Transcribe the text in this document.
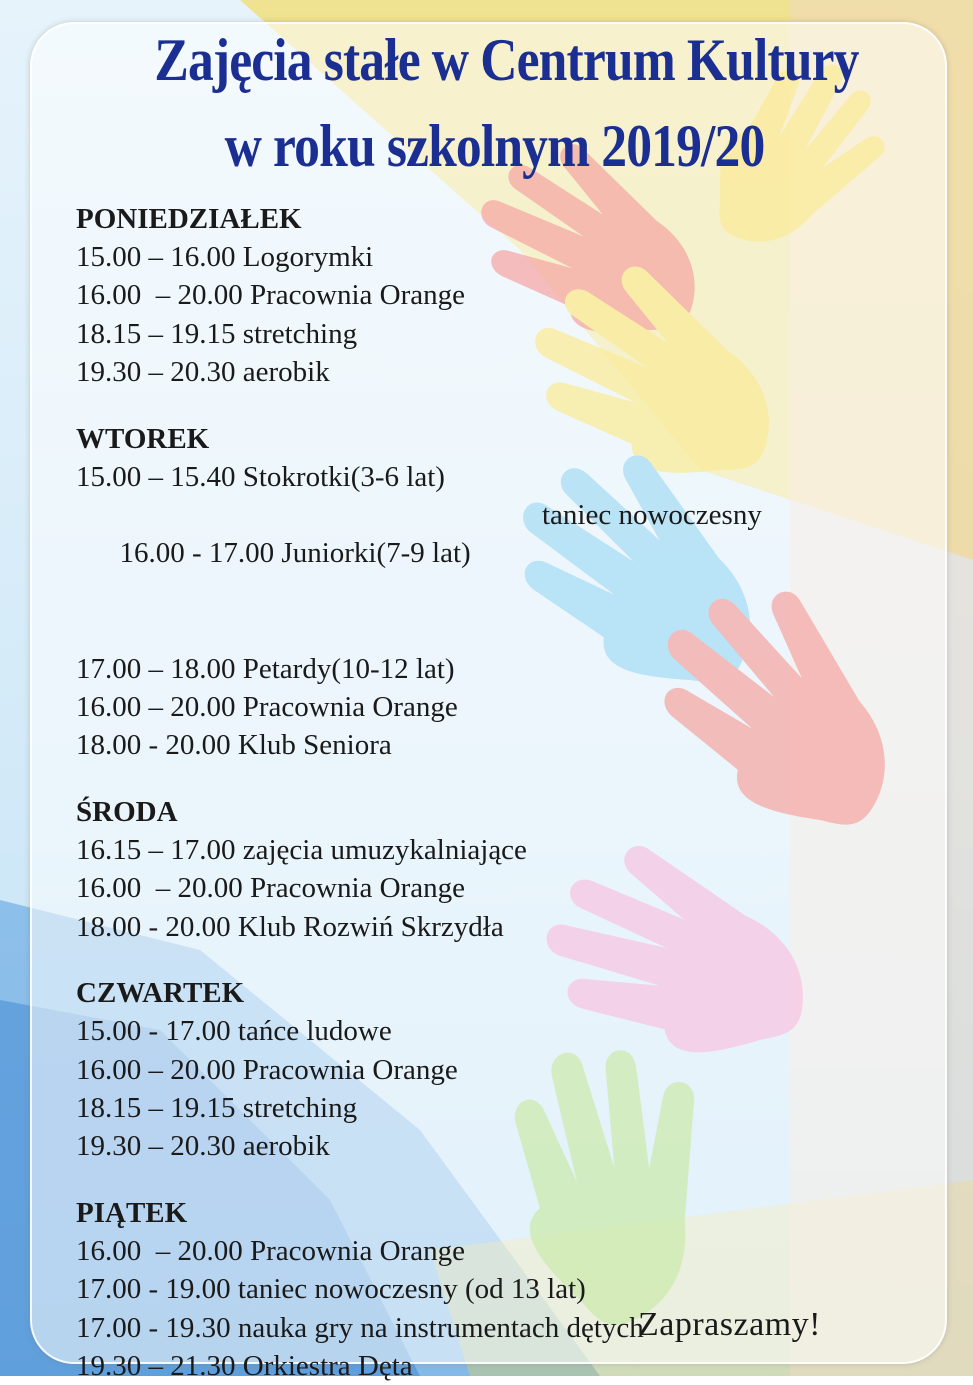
Zajęcia stałe w Centrum Kultury
w roku szkolnym 2019/20
PONIEDZIAŁEK
15.00 – 16.00 Logorymki
16.00  – 20.00 Pracownia Orange
18.15 – 19.15 stretching
19.30 – 20.30 aerobik
WTOREK
15.00 – 15.40 Stokrotki(3-6 lat)

16.00 - 17.00 Juniorki(7-9 lat)

taniec nowoczesny

17.00 – 18.00 Petardy(10-12 lat)
16.00 – 20.00 Pracownia Orange
18.00 - 20.00 Klub Seniora
ŚRODA
16.15 – 17.00 zajęcia umuzykalniające
16.00  – 20.00 Pracownia Orange
18.00 - 20.00 Klub Rozwiń Skrzydła
CZWARTEK
15.00 - 17.00 tańce ludowe
16.00 – 20.00 Pracownia Orange
18.15 – 19.15 stretching
19.30 – 20.30 aerobik
PIĄTEK
16.00  – 20.00 Pracownia Orange
17.00 - 19.00 taniec nowoczesny (od 13 lat)
17.00 - 19.30 nauka gry na instrumentach dętych
19.30 – 21.30 Orkiestra Dęta
Zapraszamy!
